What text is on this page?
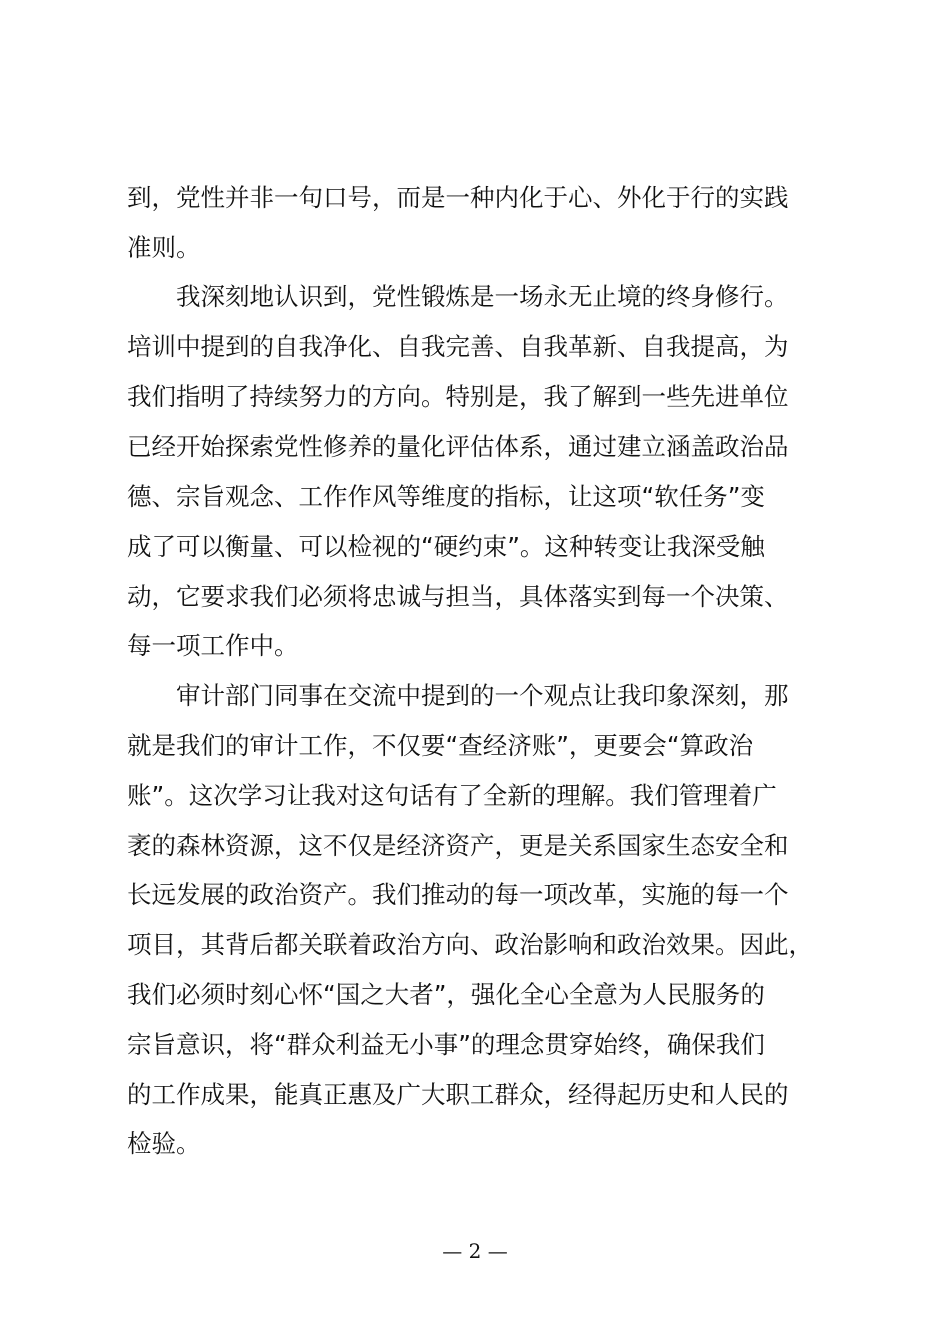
到，党性并非一句口号，而是一种内化于心、外化于行的实践
准则。
　　我深刻地认识到，党性锻炼是一场永无止境的终身修行。
培训中提到的自我净化、自我完善、自我革新、自我提高，为
我们指明了持续努力的方向。特别是，我了解到一些先进单位
已经开始探索党性修养的量化评估体系，通过建立涵盖政治品
德、宗旨观念、工作作风等维度的指标，让这项“软任务”变
成了可以衡量、可以检视的“硬约束”。这种转变让我深受触
动，它要求我们必须将忠诚与担当，具体落实到每一个决策、
每一项工作中。
　　审计部门同事在交流中提到的一个观点让我印象深刻，那
就是我们的审计工作，不仅要“查经济账”，更要会“算政治
账”。这次学习让我对这句话有了全新的理解。我们管理着广
袤的森林资源，这不仅是经济资产，更是关系国家生态安全和
长远发展的政治资产。我们推动的每一项改革，实施的每一个
项目，其背后都关联着政治方向、政治影响和政治效果。因此，
我们必须时刻心怀“国之大者”，强化全心全意为人民服务的
宗旨意识，将“群众利益无小事”的理念贯穿始终，确保我们
的工作成果，能真正惠及广大职工群众，经得起历史和人民的
检验。
— 2 —
